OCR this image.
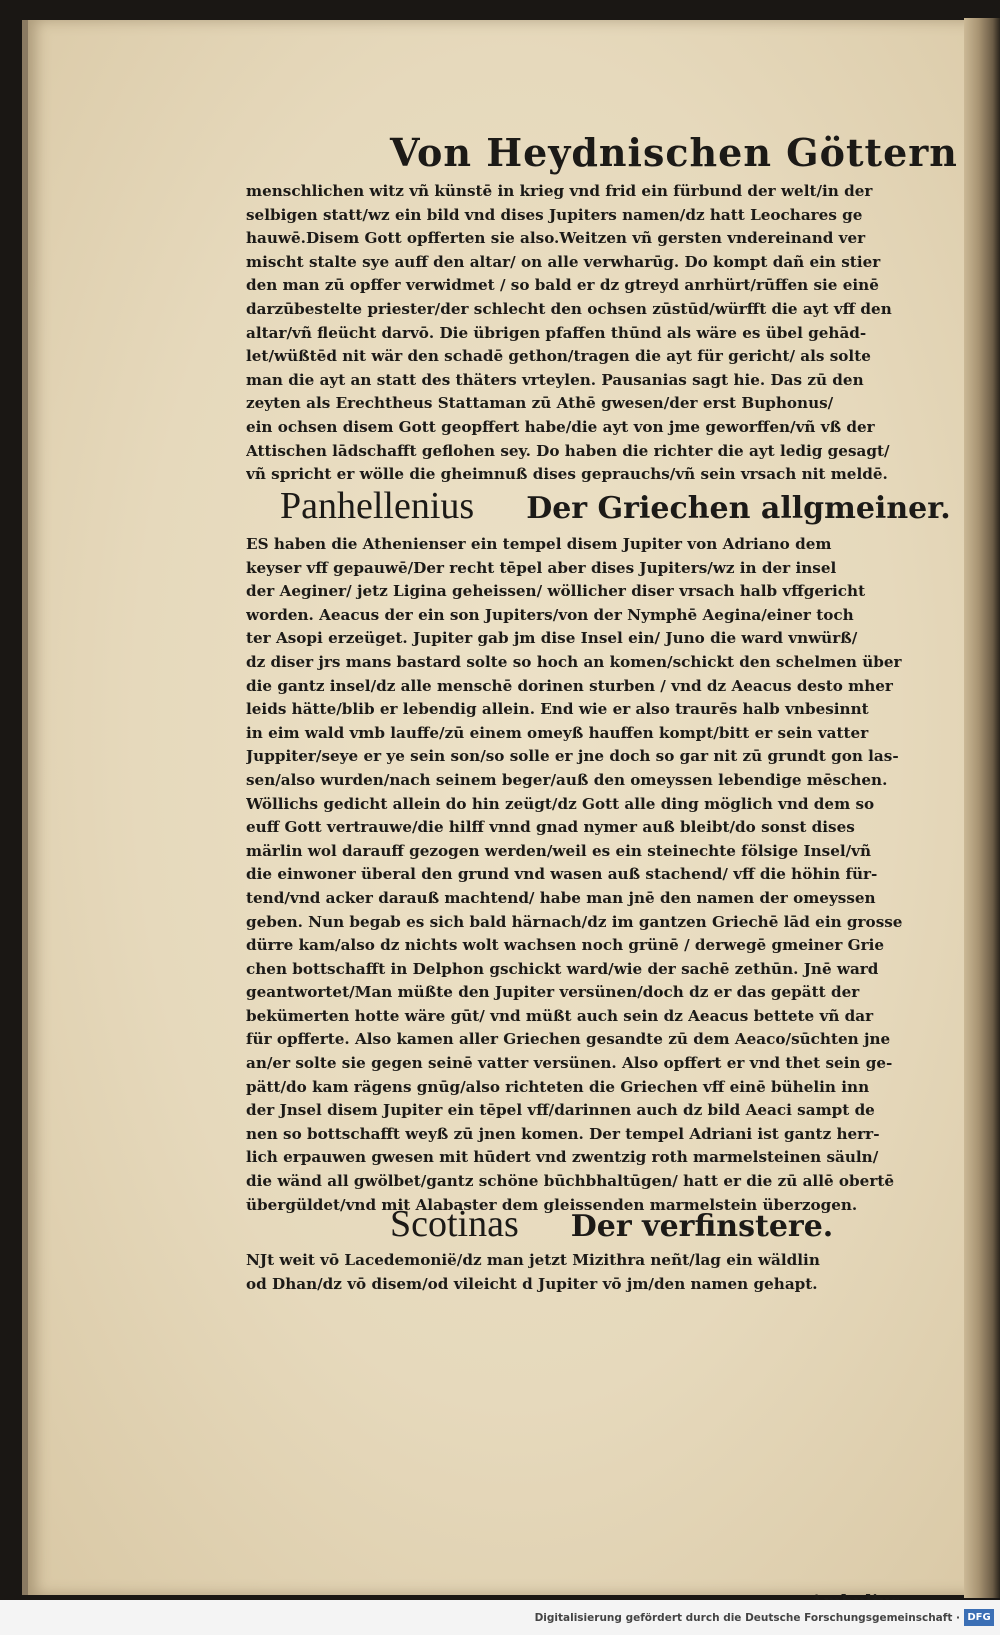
Von Heydnischen Göttern
menschlichen witz vñ künstē in krieg vnd frid ein fürbund der welt/in der
selbigen statt/wz ein bild vnd dises Jupiters namen/dz hatt Leochares ge
hauwē.Disem Gott opfferten sie also.Weitzen vñ gersten vndereinand ver
mischt stalte sye auff den altar/ on alle verwharūg. Do kompt dañ ein stier
den man zū opffer verwidmet / so bald er dz gtreyd anrhürt/rūffen sie einē
darzūbestelte priester/der schlecht den ochsen zūstūd/würfft die ayt vff den
altar/vñ fleücht darvō. Die übrigen pfaffen thūnd als wäre es übel gehād-
let/wüßtēd nit wär den schadē gethon/tragen die ayt für gericht/ als solte
man die ayt an statt des thäters vrteylen. Pausanias sagt hie. Das zū den
zeyten als Erechtheus Stattaman zū Athē gwesen/der erst Buphonus/
ein ochsen disem Gott geopffert habe/die ayt von jme geworffen/vñ vß der
Attischen lādschafft geflohen sey. Do haben die richter die ayt ledig gesagt/
vñ spricht er wölle die gheimnuß dises geprauchs/vñ sein vrsach nit meldē.
Panhellenius Der Griechen allgmeiner.
ES haben die Athenienser ein tempel disem Jupiter von Adriano dem
keyser vff gepauwē/Der recht tēpel aber dises Jupiters/wz in der insel
der Aeginer/ jetz Ligina geheissen/ wöllicher diser vrsach halb vffgericht
worden. Aeacus der ein son Jupiters/von der Nymphē Aegina/einer toch
ter Asopi erzeüget. Jupiter gab jm dise Insel ein/ Juno die ward vnwürß/
dz diser jrs mans bastard solte so hoch an komen/schickt den schelmen über
die gantz insel/dz alle menschē dorinen sturben / vnd dz Aeacus desto mher
leids hätte/blib er lebendig allein. End wie er also traurēs halb vnbesinnt
in eim wald vmb lauffe/zū einem omeyß hauffen kompt/bitt er sein vatter
Juppiter/seye er ye sein son/so solle er jne doch so gar nit zū grundt gon las-
sen/also wurden/nach seinem beger/auß den omeyssen lebendige mēschen.
Wöllichs gedicht allein do hin zeügt/dz Gott alle ding möglich vnd dem so
euff Gott vertrauwe/die hilff vnnd gnad nymer auß bleibt/do sonst dises
märlin wol darauff gezogen werden/weil es ein steinechte fölsige Insel/vñ
die einwoner überal den grund vnd wasen auß stachend/ vff die höhin für-
tend/vnd acker darauß machtend/ habe man jnē den namen der omeyssen
geben. Nun begab es sich bald härnach/dz im gantzen Griechē lād ein grosse
dürre kam/also dz nichts wolt wachsen noch grünē / derwegē gmeiner Grie
chen bottschafft in Delphon gschickt ward/wie der sachē zethūn. Jnē ward
geantwortet/Man müßte den Jupiter versünen/doch dz er das gepätt der
bekümerten hotte wäre gūt/ vnd müßt auch sein dz Aeacus bettete vñ dar
für opfferte. Also kamen aller Griechen gesandte zū dem Aeaco/sūchten jne
an/er solte sie gegen seinē vatter versünen. Also opffert er vnd thet sein ge-
pätt/do kam rägens gnūg/also richteten die Griechen vff einē bühelin inn
der Jnsel disem Jupiter ein tēpel vff/darinnen auch dz bild Aeaci sampt de
nen so bottschafft weyß zū jnen komen. Der tempel Adriani ist gantz herr-
lich erpauwen gwesen mit hūdert vnd zwentzig roth marmelsteinen säuln/
die wänd all gwölbet/gantz schöne būchbhaltūgen/ hatt er die zū allē obertē
übergüldet/vnd mit Alabaster dem gleissenden marmelstein überzogen.
Scotinas Der verfinstere.
NJt weit vō Lacedemonië/dz man jetzt Mizithra neñt/lag ein wäldlin
od Dhan/dz vō disem/od vileicht d Jupiter vō jm/den namen gehapt.
Digitalisierung gefördert durch die Deutsche Forschungsgemeinschaft · DFG
